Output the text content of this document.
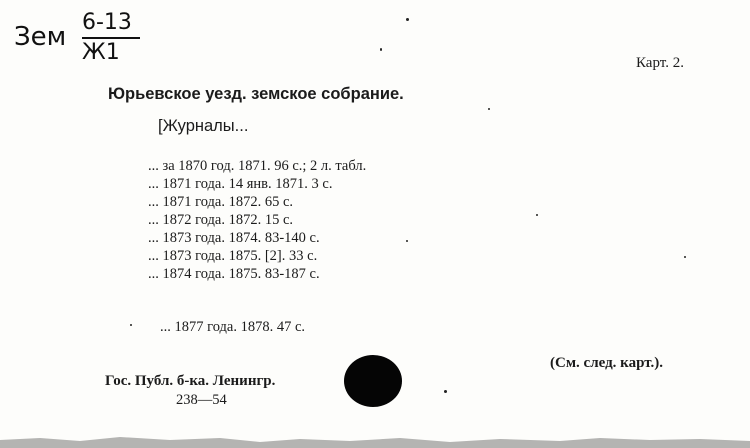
Зем 6-13
Ж1	Карт. 2.
Юрьевское уезд. земское собрание.
[Журналы...
... за 1870 год. 1871. 96 с.; 2 л. табл.
... 1871 года. 14 янв. 1871. 3 с.
... 1871 года. 1872. 65 с.
... 1872 года. 1872. 15 с.
... 1873 года. 1874. 83-140 с.
... 1873 года. 1875. [2]. 33 с.
... 1874 года. 1875. 83-187 с.
... 1877 года. 1878. 47 с.
(См. след. карт.).
Гос. Публ. б-ка. Ленингр.
238—54
